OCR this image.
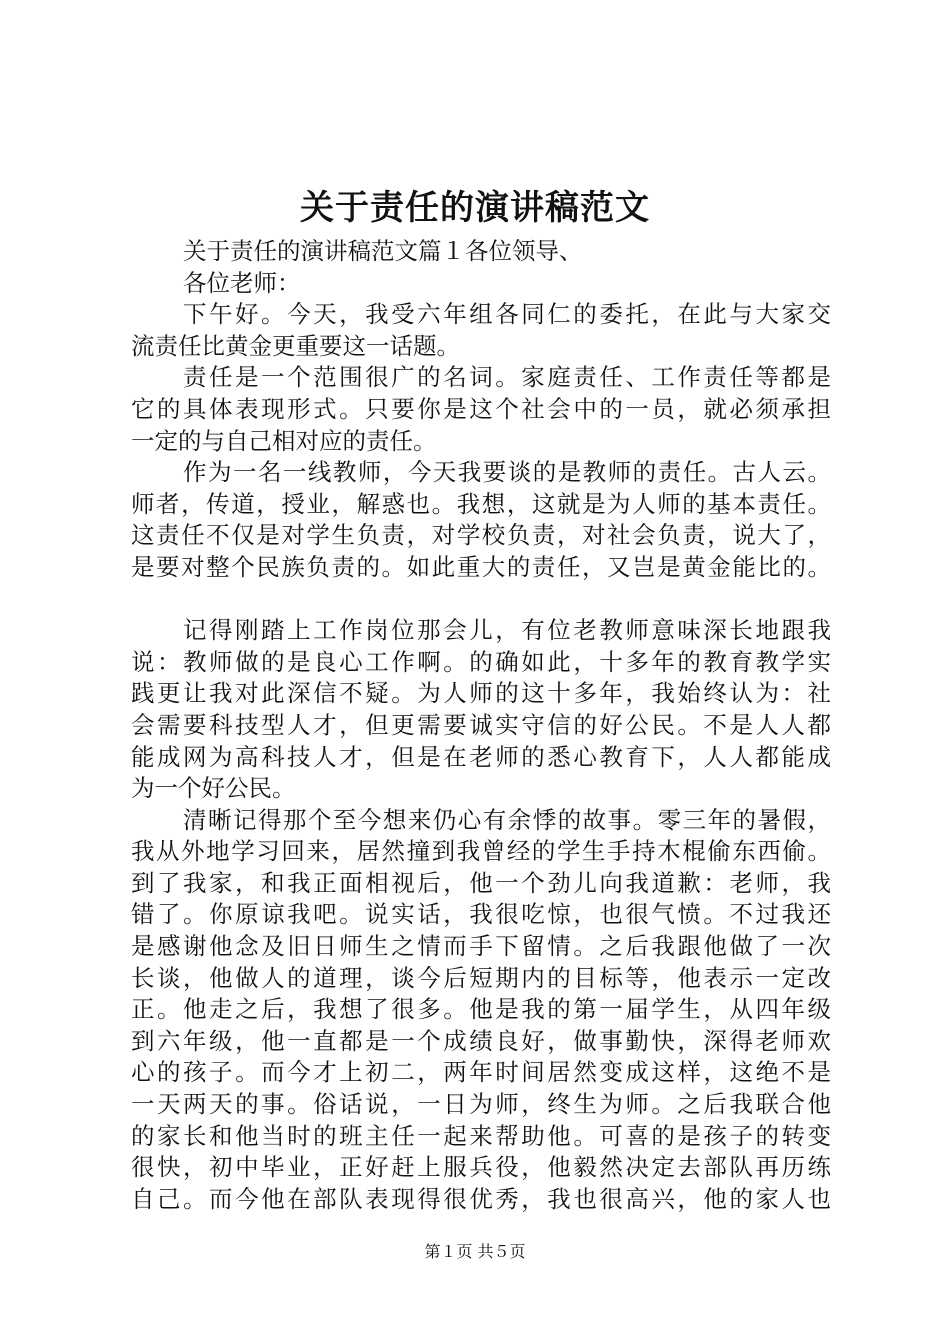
关于责任的演讲稿范文
关于责任的演讲稿范文篇１各位领导、
各位老师：
下午好。今天，我受六年组各同仁的委托，在此与大家交
流责任比黄金更重要这一话题。
责任是一个范围很广的名词。家庭责任、工作责任等都是
它的具体表现形式。只要你是这个社会中的一员，就必须承担
一定的与自己相对应的责任。
作为一名一线教师，今天我要谈的是教师的责任。古人云。
师者，传道，授业，解惑也。我想，这就是为人师的基本责任。
这责任不仅是对学生负责，对学校负责，对社会负责，说大了，
是要对整个民族负责的。如此重大的责任，又岂是黄金能比的。
记得刚踏上工作岗位那会儿，有位老教师意味深长地跟我
说：教师做的是良心工作啊。的确如此，十多年的教育教学实
践更让我对此深信不疑。为人师的这十多年，我始终认为：社
会需要科技型人才，但更需要诚实守信的好公民。不是人人都
能成网为高科技人才，但是在老师的悉心教育下，人人都能成
为一个好公民。
清晰记得那个至今想来仍心有余悸的故事。零三年的暑假，
我从外地学习回来，居然撞到我曾经的学生手持木棍偷东西偷。
到了我家，和我正面相视后，他一个劲儿向我道歉：老师，我
错了。你原谅我吧。说实话，我很吃惊，也很气愤。不过我还
是感谢他念及旧日师生之情而手下留情。之后我跟他做了一次
长谈，他做人的道理，谈今后短期内的目标等，他表示一定改
正。他走之后，我想了很多。他是我的第一届学生，从四年级
到六年级，他一直都是一个成绩良好，做事勤快，深得老师欢
心的孩子。而今才上初二，两年时间居然变成这样，这绝不是
一天两天的事。俗话说，一日为师，终生为师。之后我联合他
的家长和他当时的班主任一起来帮助他。可喜的是孩子的转变
很快，初中毕业，正好赶上服兵役，他毅然决定去部队再历练
自己。而今他在部队表现得很优秀，我也很高兴，他的家人也
第１页 共５页
